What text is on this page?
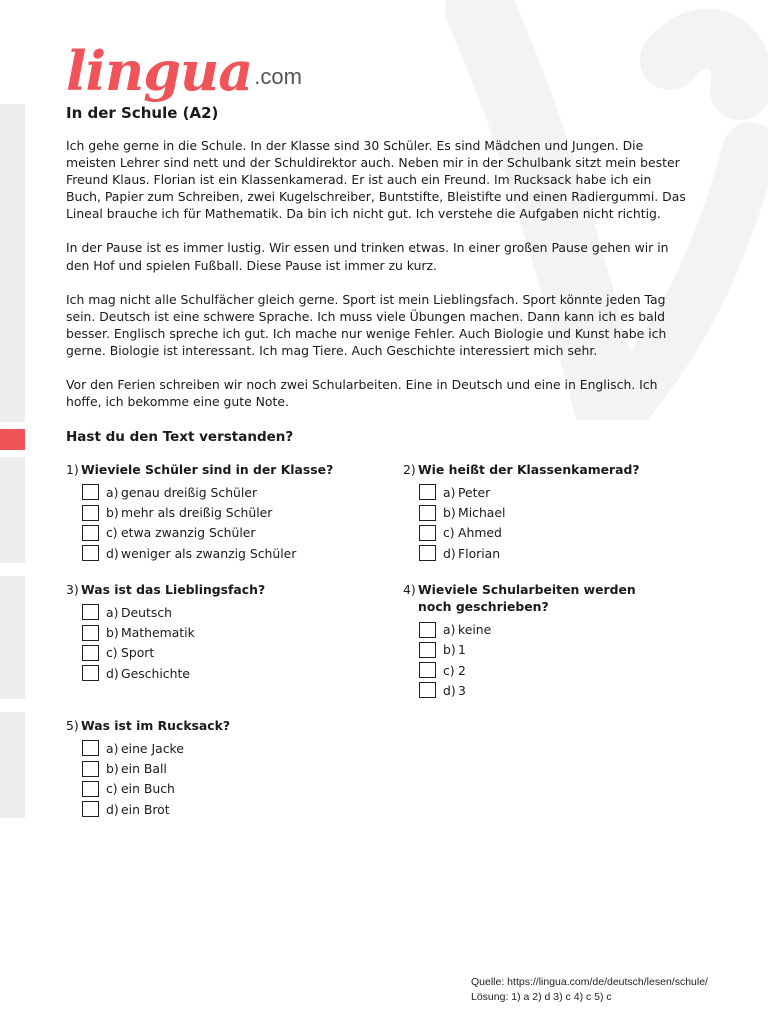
lingua .com
In der Schule (A2)

Ich gehe gerne in die Schule. In der Klasse sind 30 Schüler. Es sind Mädchen und Jungen. Die meisten Lehrer sind nett und der Schuldirektor auch. Neben mir in der Schulbank sitzt mein bester Freund Klaus. Florian ist ein Klassenkamerad. Er ist auch ein Freund. Im Rucksack habe ich ein Buch, Papier zum Schreiben, zwei Kugelschreiber, Buntstifte, Bleistifte und einen Radiergummi. Das Lineal brauche ich für Mathematik. Da bin ich nicht gut. Ich verstehe die Aufgaben nicht richtig.

In der Pause ist es immer lustig. Wir essen und trinken etwas. In einer großen Pause gehen wir in den Hof und spielen Fußball. Diese Pause ist immer zu kurz.

Ich mag nicht alle Schulfächer gleich gerne. Sport ist mein Lieblingsfach. Sport könnte jeden Tag sein. Deutsch ist eine schwere Sprache. Ich muss viele Übungen machen. Dann kann ich es bald besser. Englisch spreche ich gut. Ich mache nur wenige Fehler. Auch Biologie und Kunst habe ich gerne. Biologie ist interessant. Ich mag Tiere. Auch Geschichte interessiert mich sehr.

Vor den Ferien schreiben wir noch zwei Schularbeiten. Eine in Deutsch und eine in Englisch. Ich hoffe, ich bekomme eine gute Note.

Hast du den Text verstanden?
1) Wieviele Schüler sind in der Klasse?
a) genau dreißig Schüler
b) mehr als dreißig Schüler
c) etwa zwanzig Schüler
d) weniger als zwanzig Schüler
2) Wie heißt der Klassenkamerad?
a) Peter
b) Michael
c) Ahmed
d) Florian
3) Was ist das Lieblingsfach?
a) Deutsch
b) Mathematik
c) Sport
d) Geschichte
4) Wieviele Schularbeiten werden noch geschrieben?
a) keine
b) 1
c) 2
d) 3
5) Was ist im Rucksack?
a) eine Jacke
b) ein Ball
c) ein Buch
d) ein Brot
Quelle: https://lingua.com/de/deutsch/lesen/schule/
Lösung: 1) a 2) d 3) c 4) c 5) c
